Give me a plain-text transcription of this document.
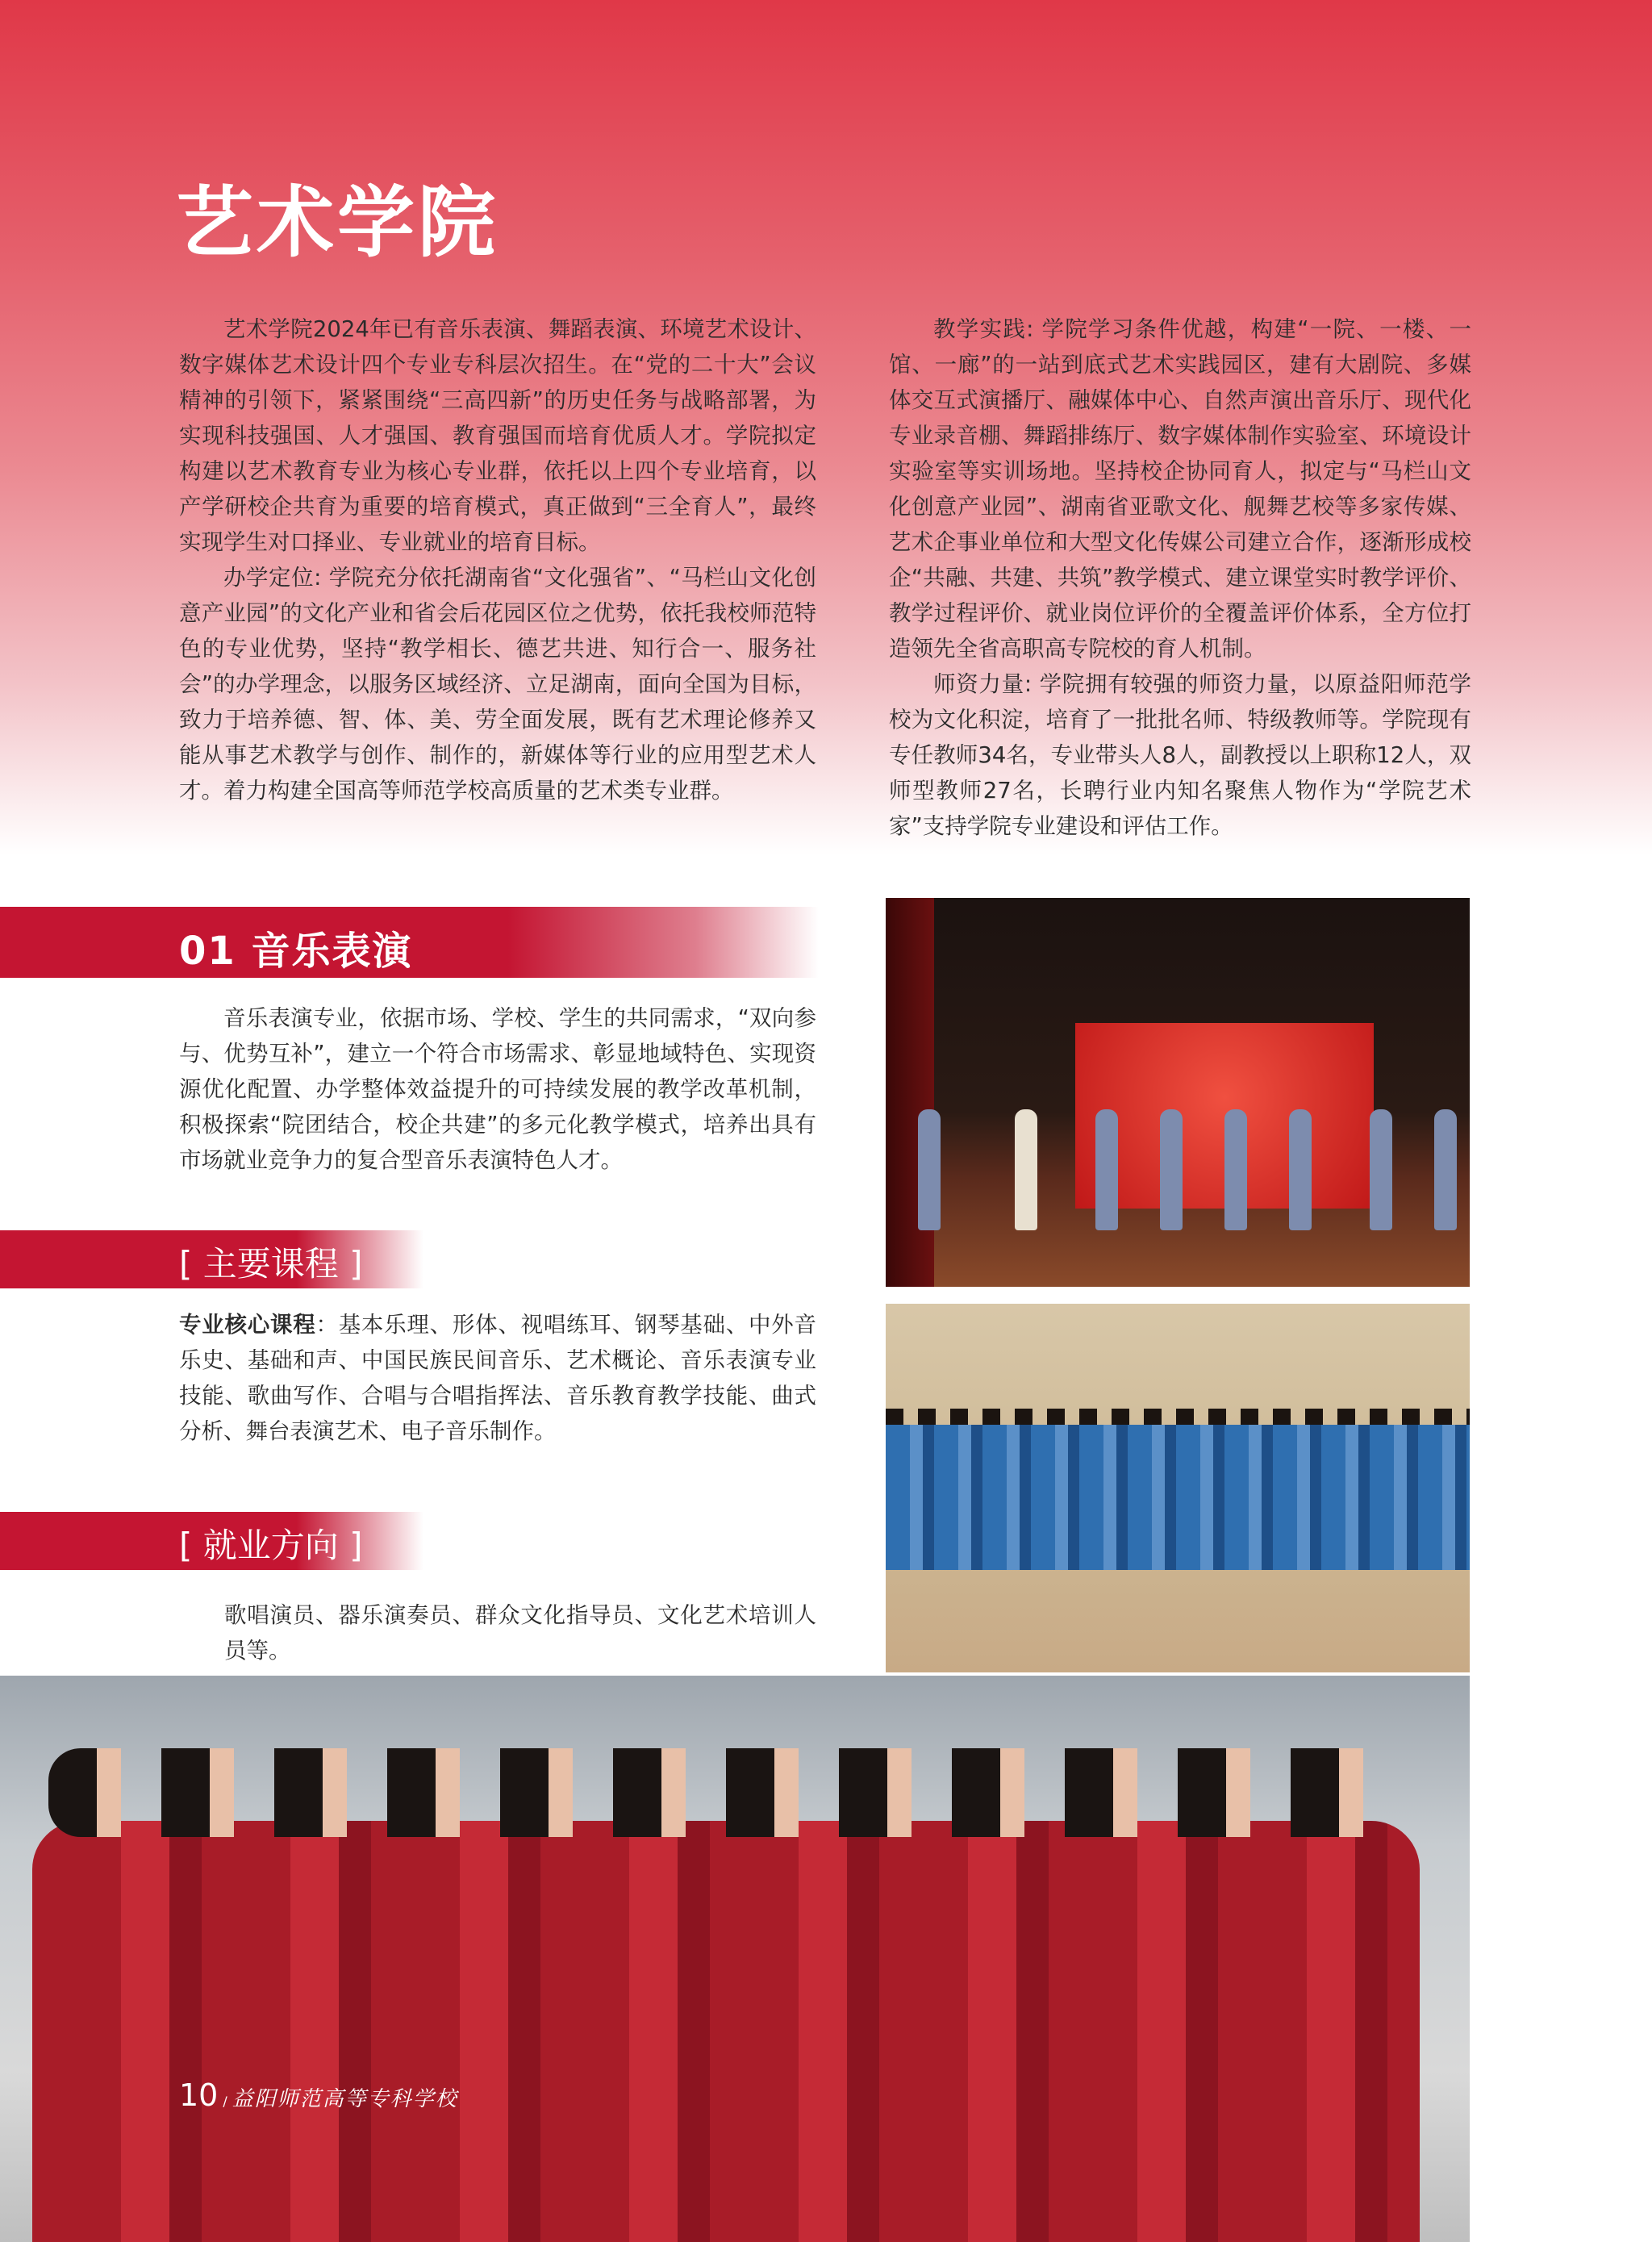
艺术学院

艺术学院2024年已有音乐表演、舞蹈表演、环境艺术设计、数字媒体艺术设计四个专业专科层次招生。在“党的二十大”会议精神的引领下，紧紧围绕“三高四新”的历史任务与战略部署，为实现科技强国、人才强国、教育强国而培育优质人才。学院拟定构建以艺术教育专业为核心专业群，依托以上四个专业培育，以产学研校企共育为重要的培育模式，真正做到“三全育人”，最终实现学生对口择业、专业就业的培育目标。

办学定位: 学院充分依托湖南省“文化强省”、“马栏山文化创意产业园”的文化产业和省会后花园区位之优势，依托我校师范特色的专业优势，坚持“教学相长、德艺共进、知行合一、服务社会”的办学理念，以服务区域经济、立足湖南，面向全国为目标，致力于培养德、智、体、美、劳全面发展，既有艺术理论修养又能从事艺术教学与创作、制作的，新媒体等行业的应用型艺术人才。着力构建全国高等师范学校高质量的艺术类专业群。

教学实践: 学院学习条件优越，构建“一院、一楼、一馆、一廊”的一站到底式艺术实践园区，建有大剧院、多媒体交互式演播厅、融媒体中心、自然声演出音乐厅、现代化专业录音棚、舞蹈排练厅、数字媒体制作实验室、环境设计实验室等实训场地。坚持校企协同育人，拟定与“马栏山文化创意产业园”、湖南省亚歌文化、舰舞艺校等多家传媒、艺术企事业单位和大型文化传媒公司建立合作，逐渐形成校企“共融、共建、共筑”教学模式、建立课堂实时教学评价、教学过程评价、就业岗位评价的全覆盖评价体系，全方位打造领先全省高职高专院校的育人机制。

师资力量: 学院拥有较强的师资力量，以原益阳师范学校为文化积淀，培育了一批批名师、特级教师等。学院现有专任教师34名，专业带头人8人，副教授以上职称12人，双师型教师27名，长聘行业内知名聚焦人物作为“学院艺术家”支持学院专业建设和评估工作。

01 音乐表演
音乐表演专业，依据市场、学校、学生的共同需求，“双向参与、优势互补”，建立一个符合市场需求、彰显地域特色、实现资源优化配置、办学整体效益提升的可持续发展的教学改革机制，积极探索“院团结合，校企共建”的多元化教学模式，培养出具有市场就业竞争力的复合型音乐表演特色人才。
[ 主要课程 ]
专业核心课程：基本乐理、形体、视唱练耳、钢琴基础、中外音乐史、基础和声、中国民族民间音乐、艺术概论、音乐表演专业技能、歌曲写作、合唱与合唱指挥法、音乐教育教学技能、曲式分析、舞台表演艺术、电子音乐制作。
[ 就业方向 ]
歌唱演员、器乐演奏员、群众文化指导员、文化艺术培训人员等。
10 / 益阳师范高等专科学校
